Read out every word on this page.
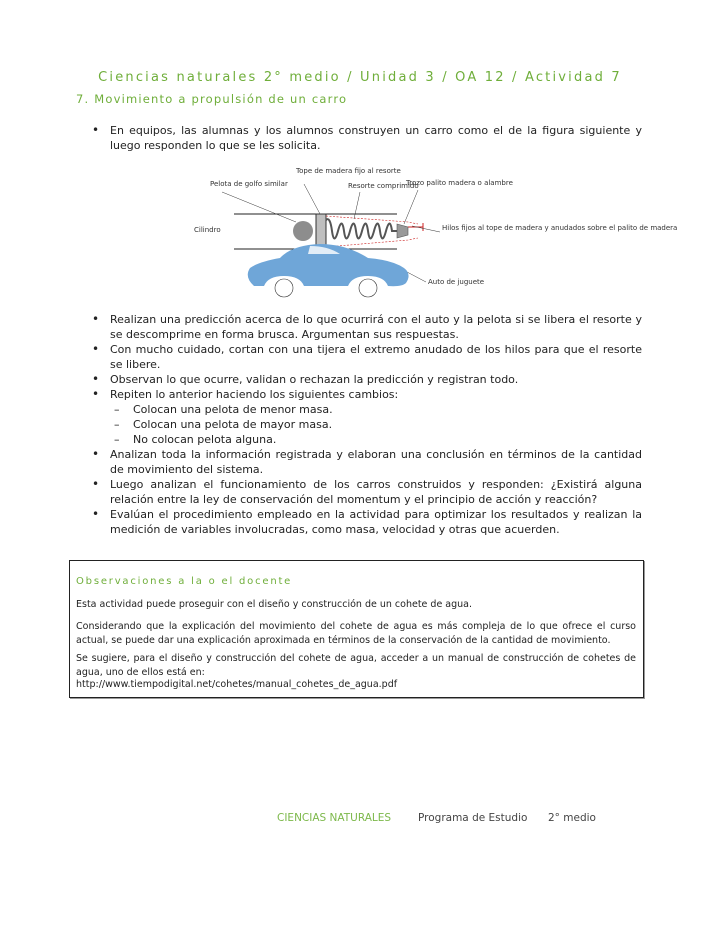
Ciencias naturales 2° medio / Unidad 3 / OA 12 / Actividad 7
7. Movimiento a propulsión de un carro
• En equipos, las alumnas y los alumnos construyen un carro como el de la figura siguiente y luego responden lo que se les solicita.
Pelota de golfo similar
Tope de madera fijo al resorte
Resorte comprimido
Trozo palito madera o alambre
Cilindro	Hilos fijos al tope de madera y anudados sobre el palito de madera
Auto de juguete
• Realizan una predicción acerca de lo que ocurrirá con el auto y la pelota si se libera el resorte y se descomprime en forma brusca. Argumentan sus respuestas.
• Con mucho cuidado, cortan con una tijera el extremo anudado de los hilos para que el resorte se libere.
• Observan lo que ocurre, validan o rechazan la predicción y registran todo.
• Repiten lo anterior haciendo los siguientes cambios:
– Colocan una pelota de menor masa.
– Colocan una pelota de mayor masa.
– No colocan pelota alguna.
• Analizan toda la información registrada y elaboran una conclusión en términos de la cantidad de movimiento del sistema.
• Luego analizan el funcionamiento de los carros construidos y responden: ¿Existirá alguna relación entre la ley de conservación del momentum y el principio de acción y reacción?
• Evalúan el procedimiento empleado en la actividad para optimizar los resultados y realizan la medición de variables involucradas, como masa, velocidad y otras que acuerden.
Observaciones a la o el docente

Esta actividad puede proseguir con el diseño y construcción de un cohete de agua.

Considerando que la explicación del movimiento del cohete de agua es más compleja de lo que ofrece el curso actual, se puede dar una explicación aproximada en términos de la conservación de la cantidad de movimiento.

Se sugiere, para el diseño y construcción del cohete de agua, acceder a un manual de construcción de cohetes de agua, uno de ellos está en:

http://www.tiempodigital.net/cohetes/manual_cohetes_de_agua.pdf

CIENCIAS NATURALES	Programa de Estudio 2° medio
